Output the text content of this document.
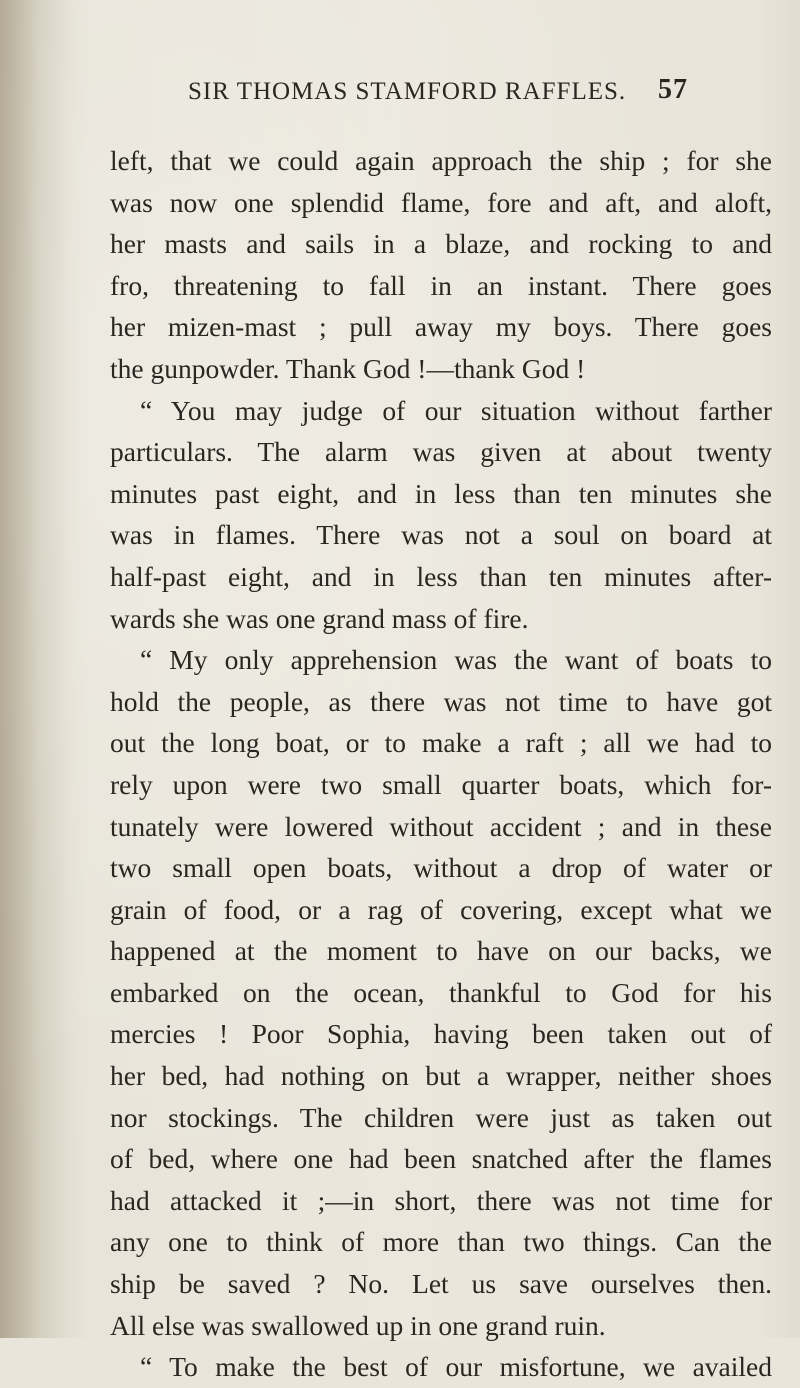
SIR THOMAS STAMFORD RAFFLES. 57
left, that we could again approach the ship ; for she
was now one splendid flame, fore and aft, and aloft,
her masts and sails in a blaze, and rocking to and
fro, threatening to fall in an instant. There goes
her mizen-mast ; pull away my boys. There goes
the gunpowder. Thank God !—thank God !
“ You may judge of our situation without farther
particulars. The alarm was given at about twenty
minutes past eight, and in less than ten minutes she
was in flames. There was not a soul on board at
half-past eight, and in less than ten minutes after-
wards she was one grand mass of fire.
“ My only apprehension was the want of boats to
hold the people, as there was not time to have got
out the long boat, or to make a raft ; all we had to
rely upon were two small quarter boats, which for-
tunately were lowered without accident ; and in these
two small open boats, without a drop of water or
grain of food, or a rag of covering, except what we
happened at the moment to have on our backs, we
embarked on the ocean, thankful to God for his
mercies ! Poor Sophia, having been taken out of
her bed, had nothing on but a wrapper, neither shoes
nor stockings. The children were just as taken out
of bed, where one had been snatched after the flames
had attacked it ;—in short, there was not time for
any one to think of more than two things. Can the
ship be saved ? No. Let us save ourselves then.
All else was swallowed up in one grand ruin.
“ To make the best of our misfortune, we availed
